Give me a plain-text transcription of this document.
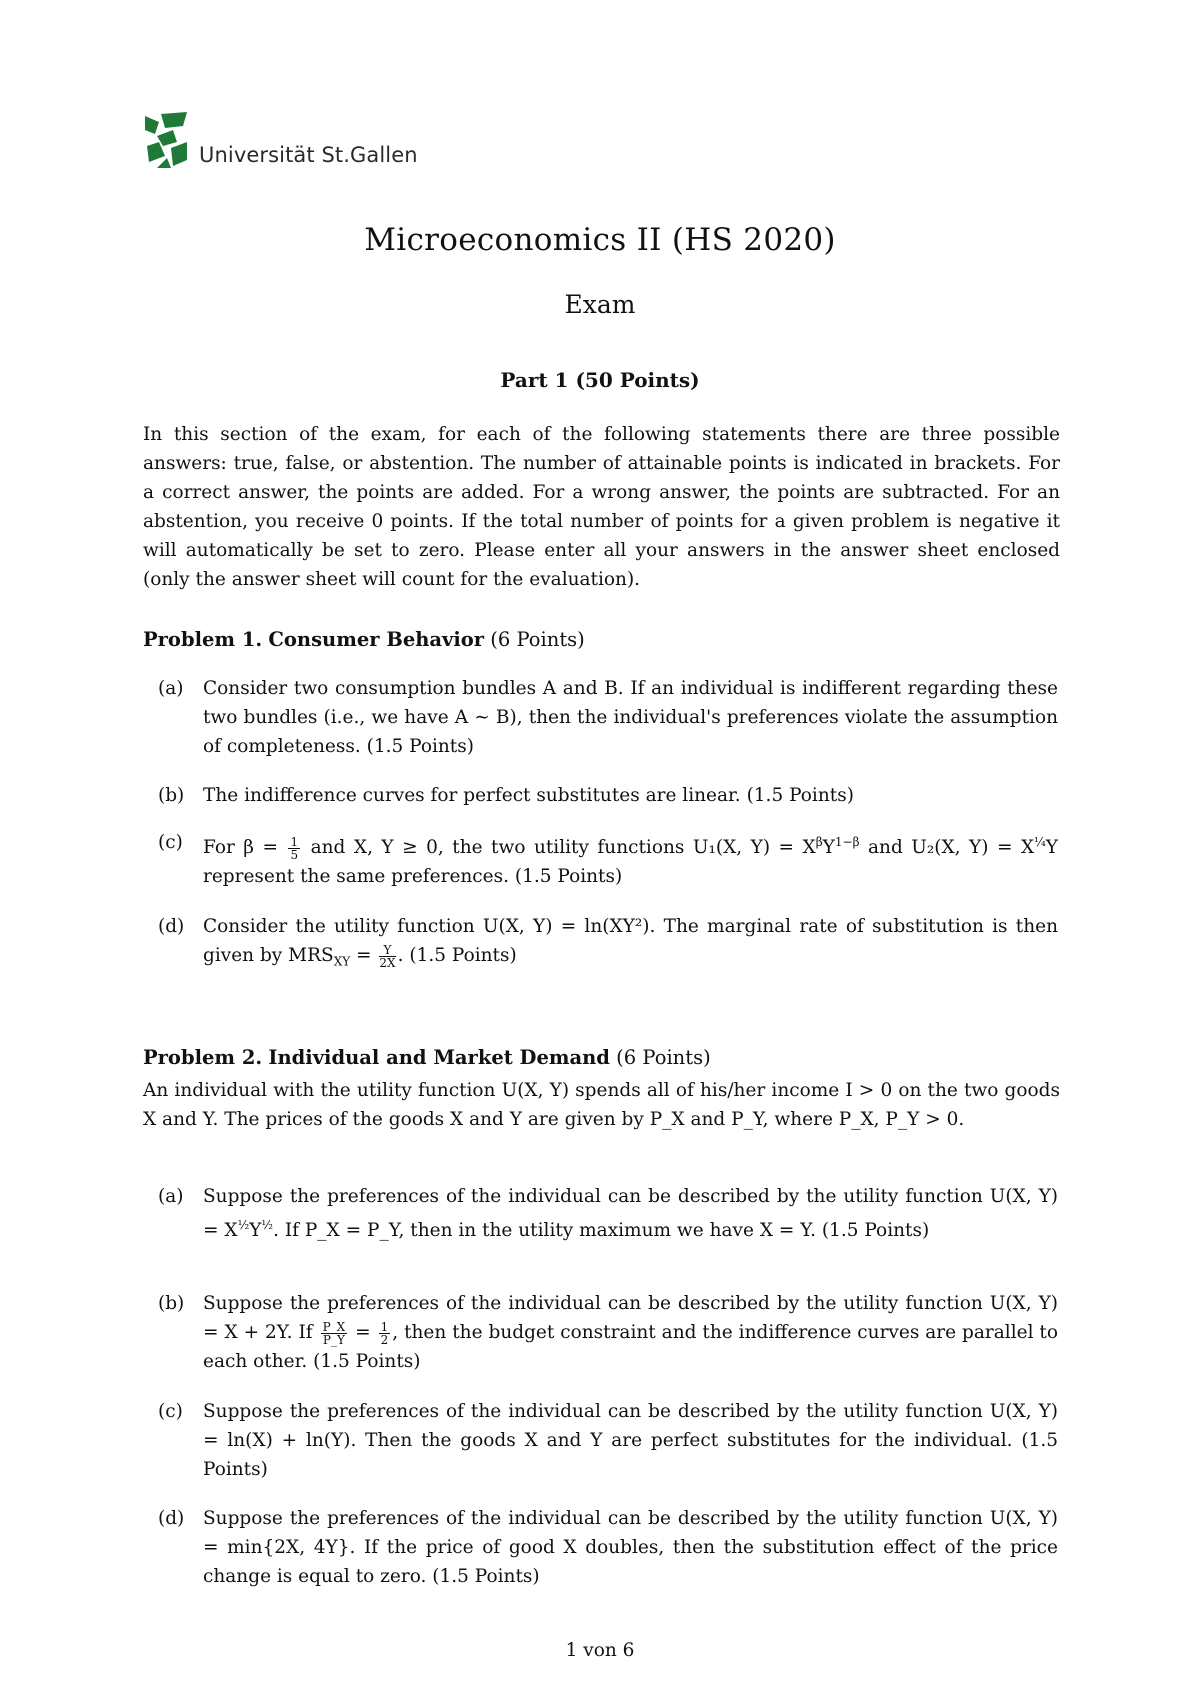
Universität St.Gallen
Microeconomics II (HS 2020)
Exam
Part 1 (50 Points)
In this section of the exam, for each of the following statements there are three possible answers: true, false, or abstention. The number of attainable points is indicated in brackets. For a correct answer, the points are added. For a wrong answer, the points are subtracted. For an abstention, you receive 0 points. If the total number of points for a given problem is negative it will automatically be set to zero. Please enter all your answers in the answer sheet enclosed (only the answer sheet will count for the evaluation).
Problem 1. Consumer Behavior (6 Points)
(a)	Consider two consumption bundles A and B. If an individual is indifferent regarding these two bundles (i.e., we have A ∼ B), then the individual's preferences violate the assumption of completeness. (1.5 Points)
(b)	The indifference curves for perfect substitutes are linear. (1.5 Points)
(c)	For $\beta = \frac{1}{5}$ and X, Y ≥ 0, the two utility functions U₁(X, $Y) = X^\beta Y^{1-\beta}$ and U₂(X, $Y) = X^{\frac{1}{4}}Y$ represent the same preferences. (1.5 Points)
(d)	Consider the utility function U(X, Y) = ln(XY²). The marginal rate of substitution is then given by $MRS_{XY} = \frac{Y}{2X}$ . (1.5 Points)
Problem 2. Individual and Market Demand (6 Points)
An individual with the utility function U(X, Y) spends all of his/her income I > 0 on the two goods X and Y. The prices of the goods X and Y are given by P_X and P_Y, where P_X, P_Y > 0.
(a)	Suppose the preferences of the individual can be described by the utility function U(X, $Y) = X^{\frac{1}{2}}Y^{\frac{1}{2}}$. If P_X = P_Y, then in the utility maximum we have X = Y. (1.5 Points)
(b)	Suppose the preferences of the individual can be described by the utility function U(X, Y) = X + 2Y. If $\frac{P\_X}{P\_Y} = \frac{1}{2}$ , then the budget constraint and the indifference curves are parallel to each other. (1.5 Points)
(c)	Suppose the preferences of the individual can be described by the utility function U(X, Y) = ln(X) + ln(Y). Then the goods X and Y are perfect substitutes for the individual. (1.5 Points)
(d)	Suppose the preferences of the individual can be described by the utility function U(X, Y) = min{2X, 4Y}. If the price of good X doubles, then the substitution effect of the price change is equal to zero. (1.5 Points)
1 von 6
